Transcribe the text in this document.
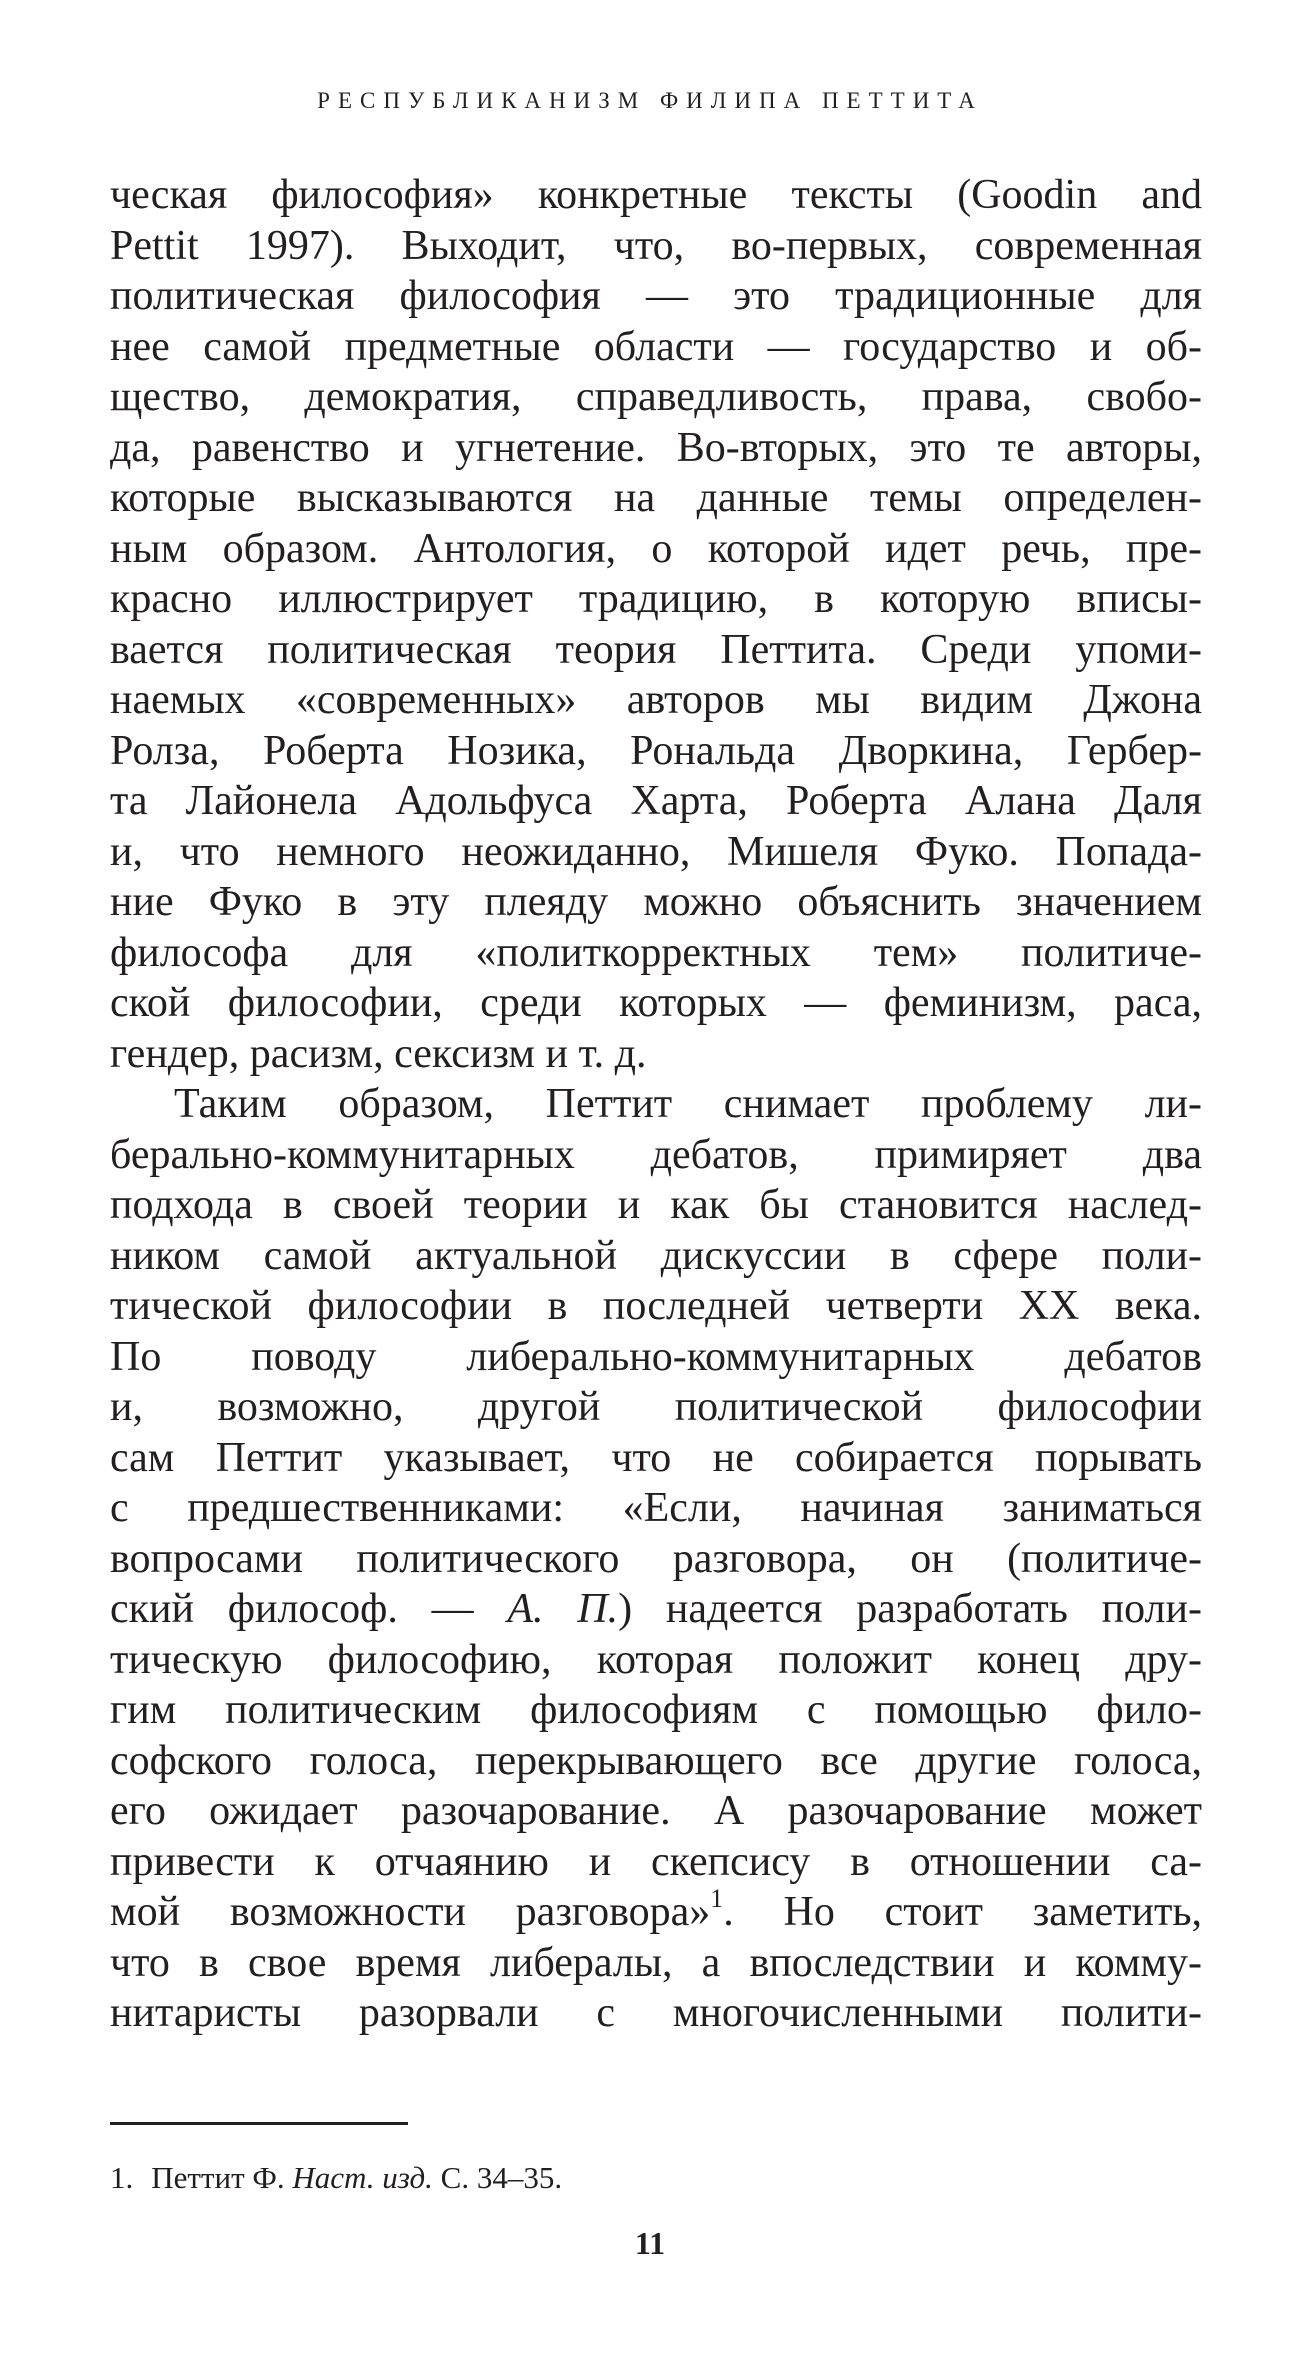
РЕСПУБЛИКАНИЗМ ФИЛИПА ПЕТТИТА
ческая философия» конкретные тексты (Goodin and
Pettit 1997). Выходит, что, во-первых, современная
политическая философия — это традиционные для
нее самой предметные области — государство и об-
щество, демократия, справедливость, права, свобо-
да, равенство и угнетение. Во-вторых, это те авторы,
которые высказываются на данные темы определен-
ным образом. Антология, о которой идет речь, пре-
красно иллюстрирует традицию, в которую вписы-
вается политическая теория Петтита. Среди упоми-
наемых «современных» авторов мы видим Джона
Ролза, Роберта Нозика, Рональда Дворкина, Гербер-
та Лайонела Адольфуса Харта, Роберта Алана Даля
и, что немного неожиданно, Мишеля Фуко. Попада-
ние Фуко в эту плеяду можно объяснить значением
философа для «политкорректных тем» политиче-
ской философии, среди которых — феминизм, раса,
гендер, расизм, сексизм и т. д.
Таким образом, Петтит снимает проблему ли-
берально-коммунитарных дебатов, примиряет два
подхода в своей теории и как бы становится наслед-
ником самой актуальной дискуссии в сфере поли-
тической философии в последней четверти XX века.
По поводу либерально-коммунитарных дебатов
и, возможно, другой политической философии
сам Петтит указывает, что не собирается порывать
с предшественниками: «Если, начиная заниматься
вопросами политического разговора, он (политиче-
ский философ. — А. П.) надеется разработать поли-
тическую философию, которая положит конец дру-
гим политическим философиям с помощью фило-
софского голоса, перекрывающего все другие голоса,
его ожидает разочарование. А разочарование может
привести к отчаянию и скепсису в отношении са-
мой возможности разговора»$^1$. Но стоит заметить,
что в свое время либералы, а впоследствии и комму-
нитаристы разорвали с многочисленными полити-
1. Петтит Ф. Наст. изд. С. 34–35.
11
